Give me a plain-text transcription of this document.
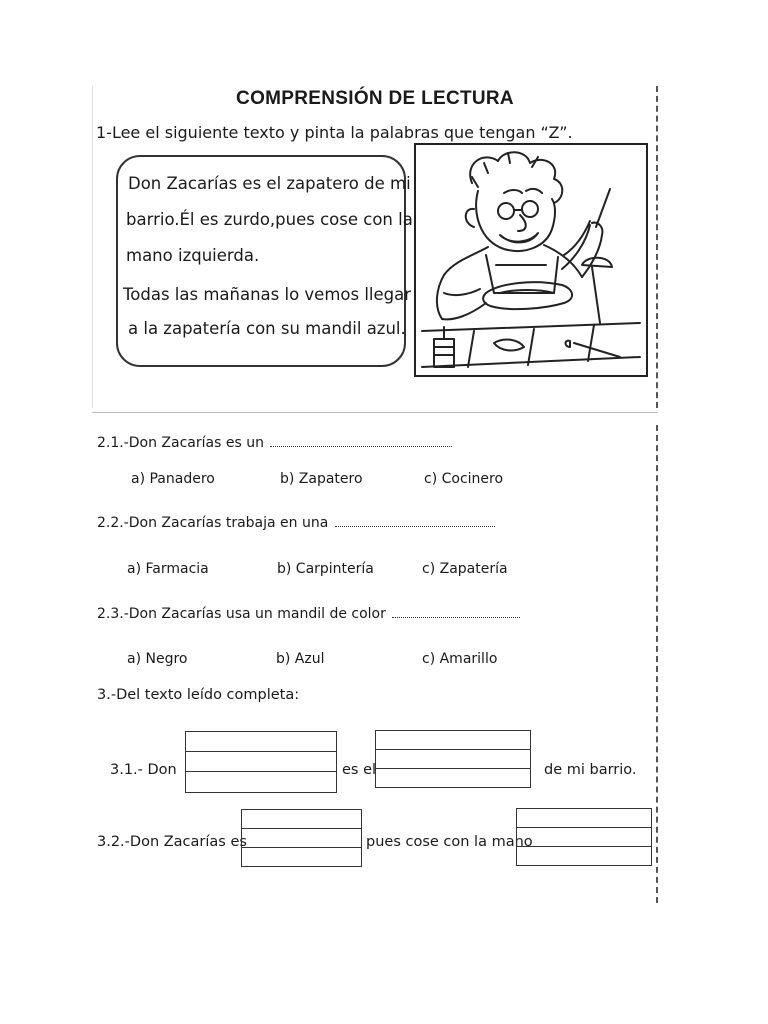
COMPRENSIÓN DE LECTURA
1-Lee el siguiente texto y pinta la palabras que tengan “Z”.
Don Zacarías es el zapatero de mi
barrio.Él es zurdo,pues cose con la
mano izquierda.
Todas las mañanas lo vemos llegar
a la zapatería con su mandil azul.
2.1.-Don Zacarías es un
a) Panadero	b) Zapatero	c) Cocinero
2.2.-Don Zacarías trabaja en una
a) Farmacia	b) Carpintería	c) Zapatería
2.3.-Don Zacarías usa un mandil de color
a) Negro	b) Azul	c) Amarillo
3.-Del texto leído completa:
3.1.- Don	es el	de mi barrio.
3.2.-Don Zacarías es	pues cose con la mano
